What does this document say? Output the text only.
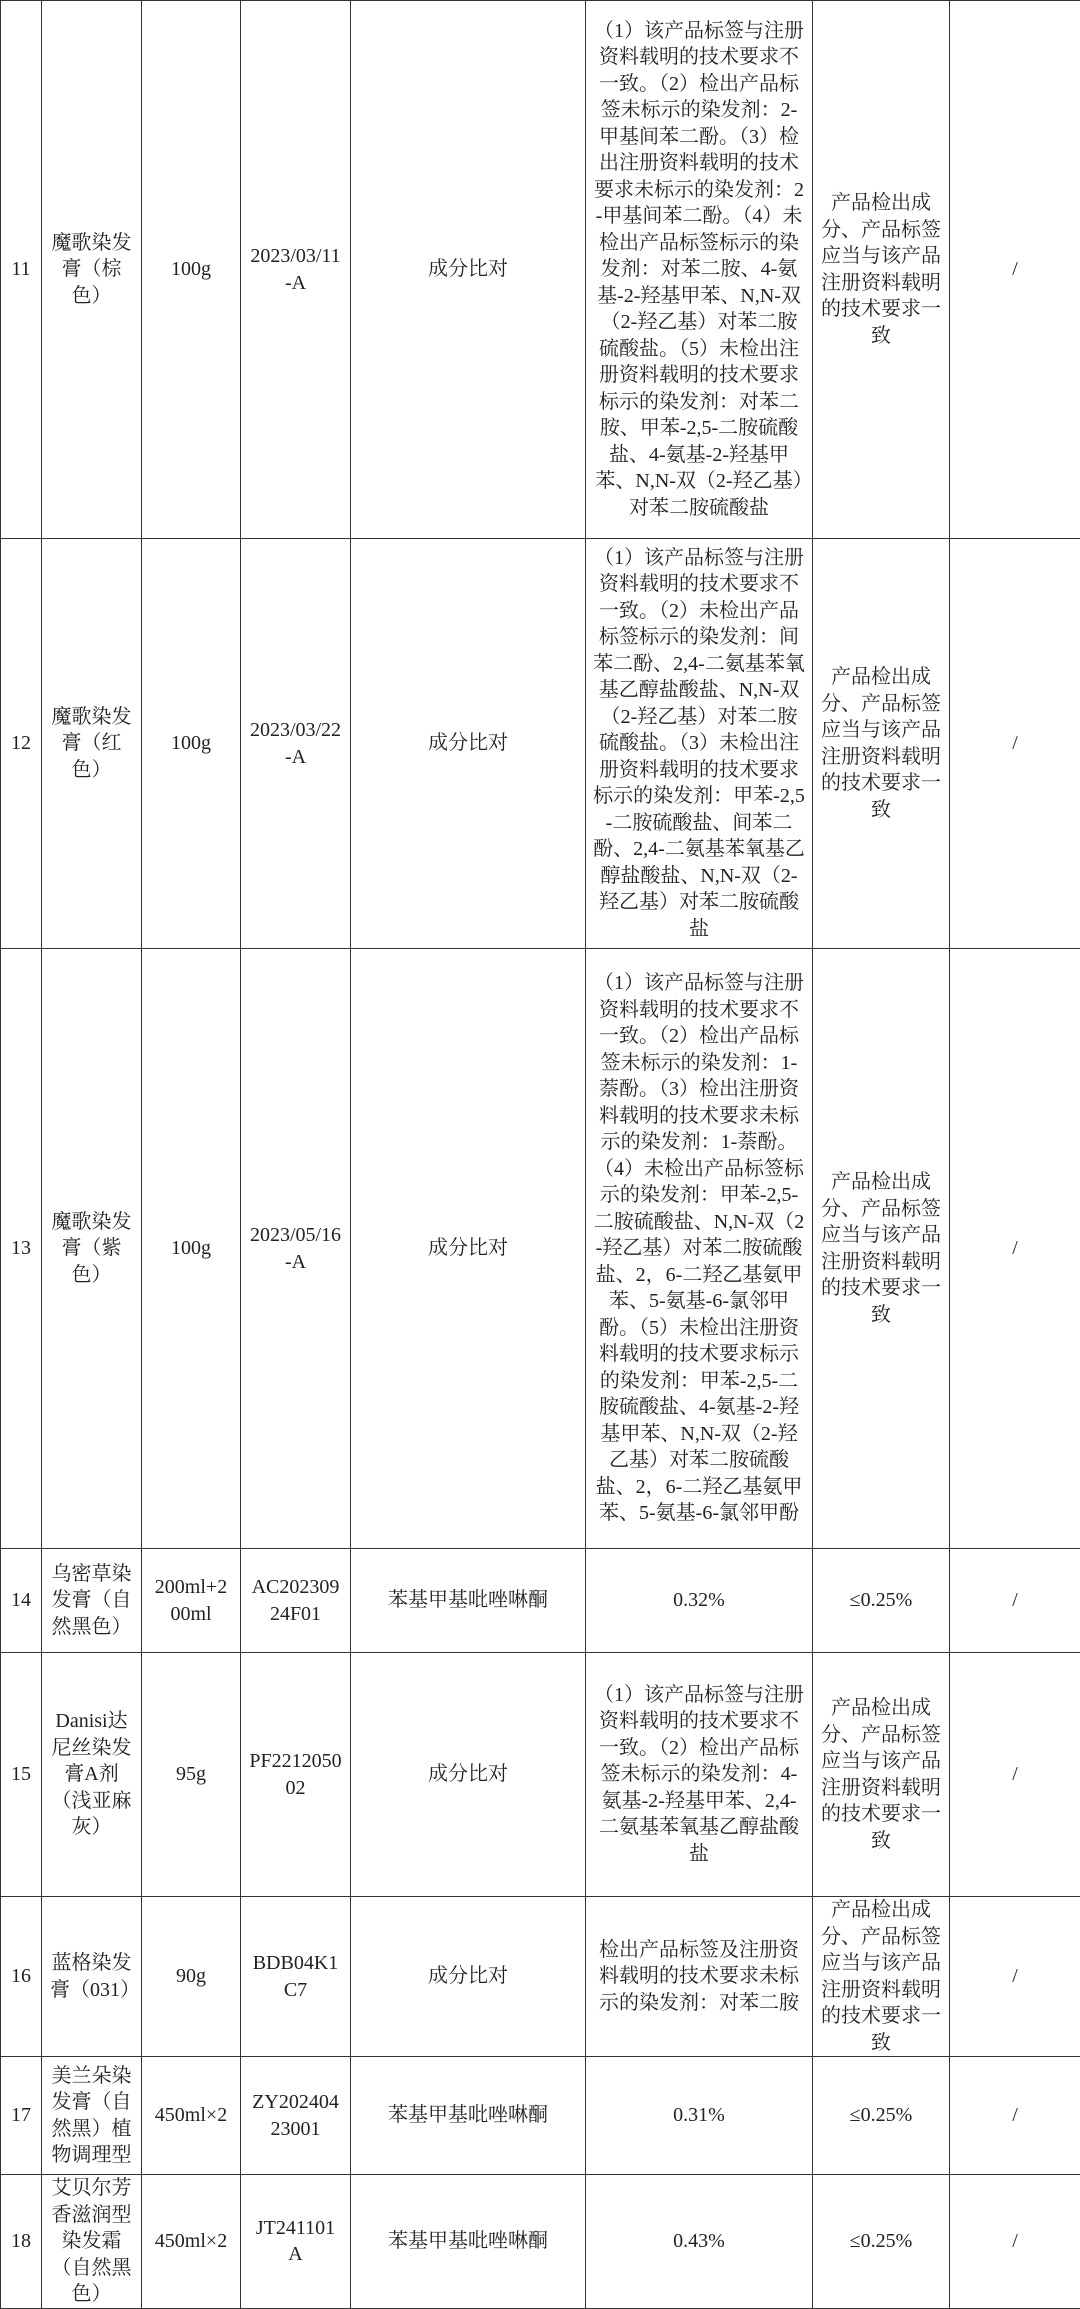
11	魔歌染发膏（棕色）	100g	2023/03/11-A	成分比对	（1）该产品标签与注册资料载明的技术要求不一致。（2）检出产品标签未标示的染发剂：2-甲基间苯二酚。（3）检出注册资料载明的技术要求未标示的染发剂：2-甲基间苯二酚。（4）未检出产品标签标示的染发剂：对苯二胺、4-氨基-2-羟基甲苯、N,N-双（2-羟乙基）对苯二胺硫酸盐。（5）未检出注册资料载明的技术要求标示的染发剂：对苯二胺、甲苯-2,5-二胺硫酸盐、4-氨基-2-羟基甲苯、N,N-双（2-羟乙基）对苯二胺硫酸盐	产品检出成分、产品标签应当与该产品注册资料载明的技术要求一致	/
12	魔歌染发膏（红色）	100g	2023/03/22-A	成分比对	（1）该产品标签与注册资料载明的技术要求不一致。（2）未检出产品标签标示的染发剂：间苯二酚、2,4-二氨基苯氧基乙醇盐酸盐、N,N-双（2-羟乙基）对苯二胺硫酸盐。（3）未检出注册资料载明的技术要求标示的染发剂：甲苯-2,5-二胺硫酸盐、间苯二酚、2,4-二氨基苯氧基乙醇盐酸盐、N,N-双（2-羟乙基）对苯二胺硫酸盐	产品检出成分、产品标签应当与该产品注册资料载明的技术要求一致	/
13	魔歌染发膏（紫色）	100g	2023/05/16-A	成分比对	（1）该产品标签与注册资料载明的技术要求不一致。（2）检出产品标签未标示的染发剂：1-萘酚。（3）检出注册资料载明的技术要求未标示的染发剂：1-萘酚。（4）未检出产品标签标示的染发剂：甲苯-2,5-二胺硫酸盐、N,N-双（2-羟乙基）对苯二胺硫酸盐、2，6-二羟乙基氨甲苯、5-氨基-6-氯邻甲酚。（5）未检出注册资料载明的技术要求标示的染发剂：甲苯-2,5-二胺硫酸盐、4-氨基-2-羟基甲苯、N,N-双（2-羟乙基）对苯二胺硫酸盐、2，6-二羟乙基氨甲苯、5-氨基-6-氯邻甲酚	产品检出成分、产品标签应当与该产品注册资料载明的技术要求一致	/
14	乌密草染发膏（自然黑色）	200ml+200ml	AC20230924F01	苯基甲基吡唑啉酮	0.32%	≤0.25%	/
15	Danisi达尼丝染发膏A剂（浅亚麻灰）	95g	PF221205002	成分比对	（1）该产品标签与注册资料载明的技术要求不一致。（2）检出产品标签未标示的染发剂：4-氨基-2-羟基甲苯、2,4-二氨基苯氧基乙醇盐酸盐	产品检出成分、产品标签应当与该产品注册资料载明的技术要求一致	/
16	蓝格染发膏（031）	90g	BDB04K1C7	成分比对	检出产品标签及注册资料载明的技术要求未标示的染发剂：对苯二胺	产品检出成分、产品标签应当与该产品注册资料载明的技术要求一致	/
17	美兰朵染发膏（自然黑）植物调理型	450ml×2	ZY20240423001	苯基甲基吡唑啉酮	0.31%	≤0.25%	/
18	艾贝尔芳香滋润型染发霜（自然黑色）	450ml×2	JT241101A	苯基甲基吡唑啉酮	0.43%	≤0.25%	/
